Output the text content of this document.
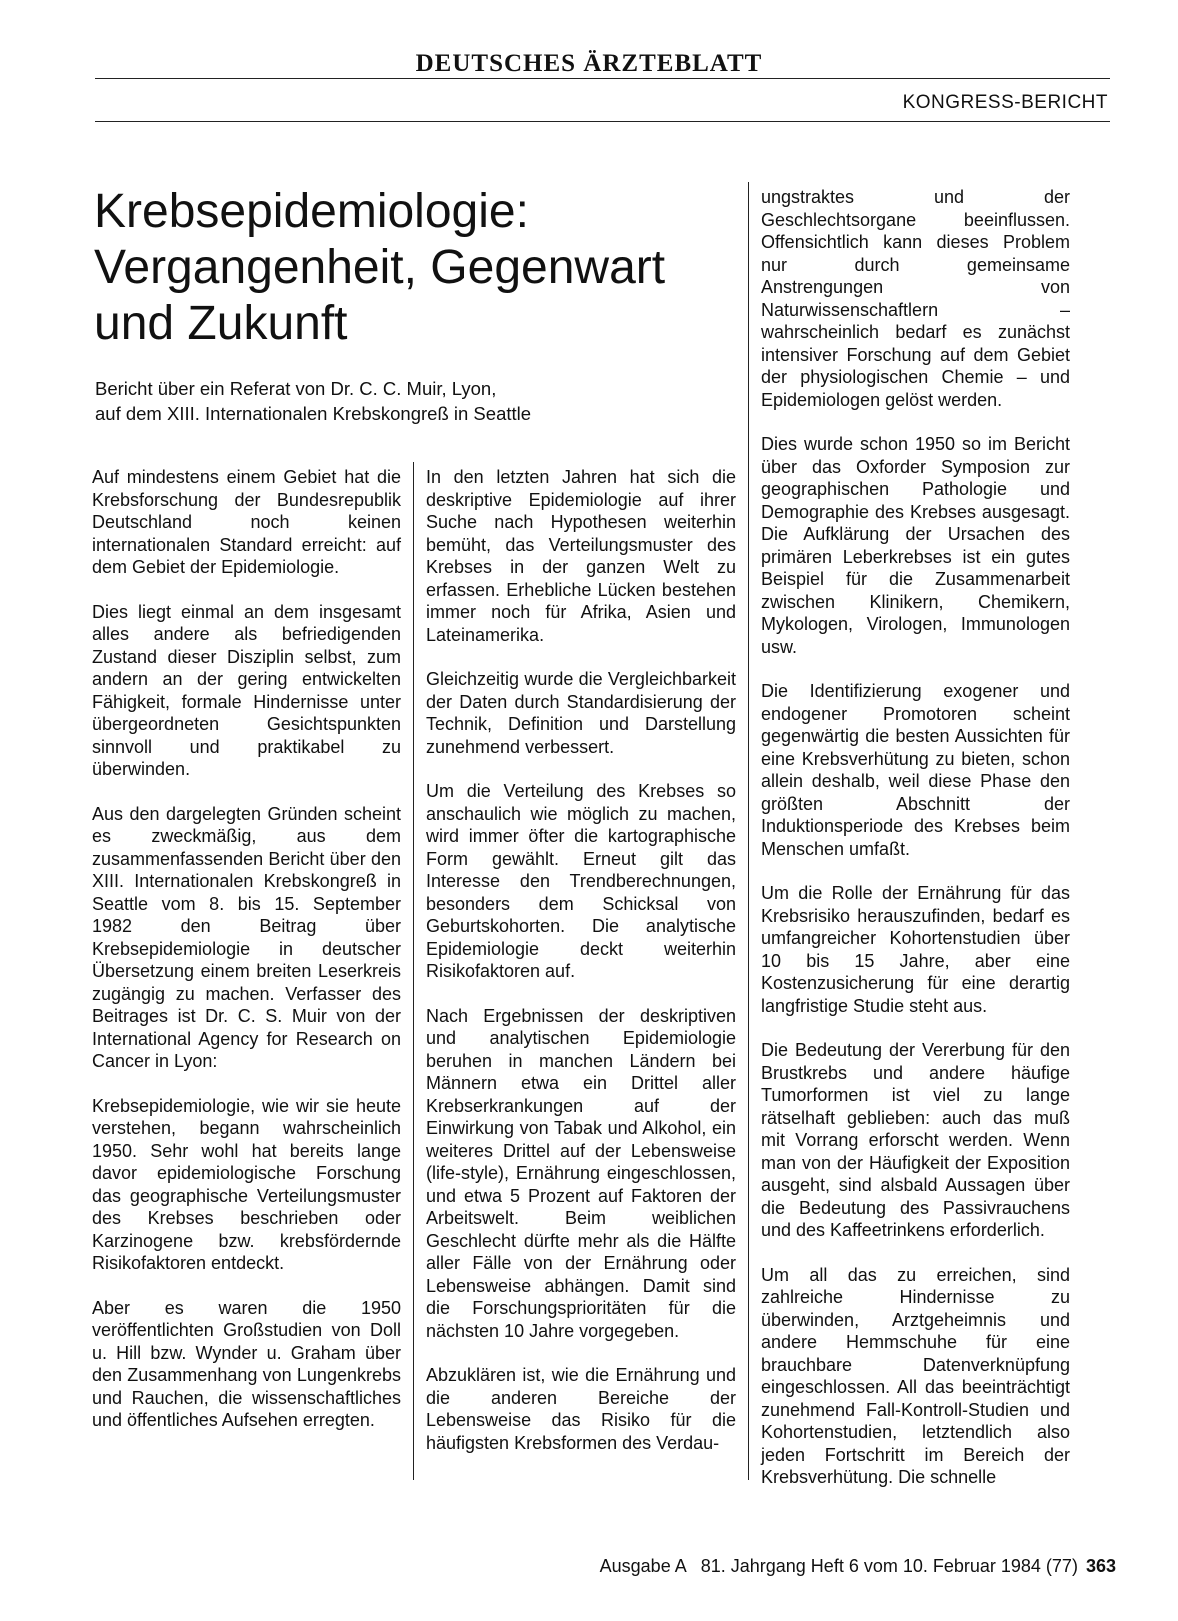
DEUTSCHES ÄRZTEBLATT
KONGRESS-BERICHT
Krebsepidemiologie: Vergangenheit, Gegenwart und Zukunft
Bericht über ein Referat von Dr. C. C. Muir, Lyon,
auf dem XIII. Internationalen Krebskongreß in Seattle

Auf mindestens einem Gebiet hat die Krebsforschung der Bundesrepublik Deutschland noch keinen internationalen Standard erreicht: auf dem Gebiet der Epidemiologie.

Dies liegt einmal an dem insgesamt alles andere als befriedigenden Zustand dieser Disziplin selbst, zum andern an der gering entwickelten Fähigkeit, formale Hindernisse unter übergeordneten Gesichtspunkten sinnvoll und praktikabel zu überwinden.

Aus den dargelegten Gründen scheint es zweckmäßig, aus dem zusammenfassenden Bericht über den XIII. Internationalen Krebskongreß in Seattle vom 8. bis 15. September 1982 den Beitrag über Krebsepidemiologie in deutscher Übersetzung einem breiten Leserkreis zugängig zu machen. Verfasser des Beitrages ist Dr. C. S. Muir von der International Agency for Research on Cancer in Lyon:

Krebsepidemiologie, wie wir sie heute verstehen, begann wahrscheinlich 1950. Sehr wohl hat bereits lange davor epidemiologische Forschung das geographische Verteilungsmuster des Krebses beschrieben oder Karzinogene bzw. krebsfördernde Risikofaktoren entdeckt.

Aber es waren die 1950 veröffentlichten Großstudien von Doll u. Hill bzw. Wynder u. Graham über den Zusammenhang von Lungenkrebs und Rauchen, die wissenschaftliches und öffentliches Aufsehen erregten.

In den letzten Jahren hat sich die deskriptive Epidemiologie auf ihrer Suche nach Hypothesen weiterhin bemüht, das Verteilungsmuster des Krebses in der ganzen Welt zu erfassen. Erhebliche Lücken bestehen immer noch für Afrika, Asien und Lateinamerika.

Gleichzeitig wurde die Vergleichbarkeit der Daten durch Standardisierung der Technik, Definition und Darstellung zunehmend verbessert.

Um die Verteilung des Krebses so anschaulich wie möglich zu machen, wird immer öfter die kartographische Form gewählt. Erneut gilt das Interesse den Trendberechnungen, besonders dem Schicksal von Geburtskohorten. Die analytische Epidemiologie deckt weiterhin Risikofaktoren auf.

Nach Ergebnissen der deskriptiven und analytischen Epidemiologie beruhen in manchen Ländern bei Männern etwa ein Drittel aller Krebserkrankungen auf der Einwirkung von Tabak und Alkohol, ein weiteres Drittel auf der Lebensweise (life-style), Ernährung eingeschlossen, und etwa 5 Prozent auf Faktoren der Arbeitswelt. Beim weiblichen Geschlecht dürfte mehr als die Hälfte aller Fälle von der Ernährung oder Lebensweise abhängen. Damit sind die Forschungsprioritäten für die nächsten 10 Jahre vorgegeben.

Abzuklären ist, wie die Ernährung und die anderen Bereiche der Lebensweise das Risiko für die häufigsten Krebsformen des Verdau-

ungstraktes und der Geschlechtsorgane beeinflussen. Offensichtlich kann dieses Problem nur durch gemeinsame Anstrengungen von Naturwissenschaftlern – wahrscheinlich bedarf es zunächst intensiver Forschung auf dem Gebiet der physiologischen Chemie – und Epidemiologen gelöst werden.

Dies wurde schon 1950 so im Bericht über das Oxforder Symposion zur geographischen Pathologie und Demographie des Krebses ausgesagt. Die Aufklärung der Ursachen des primären Leberkrebses ist ein gutes Beispiel für die Zusammenarbeit zwischen Klinikern, Chemikern, Mykologen, Virologen, Immunologen usw.

Die Identifizierung exogener und endogener Promotoren scheint gegenwärtig die besten Aussichten für eine Krebsverhütung zu bieten, schon allein deshalb, weil diese Phase den größten Abschnitt der Induktionsperiode des Krebses beim Menschen umfaßt.

Um die Rolle der Ernährung für das Krebsrisiko herauszufinden, bedarf es umfangreicher Kohortenstudien über 10 bis 15 Jahre, aber eine Kostenzusicherung für eine derartig langfristige Studie steht aus.

Die Bedeutung der Vererbung für den Brustkrebs und andere häufige Tumorformen ist viel zu lange rätselhaft geblieben: auch das muß mit Vorrang erforscht werden. Wenn man von der Häufigkeit der Exposition ausgeht, sind alsbald Aussagen über die Bedeutung des Passivrauchens und des Kaffeetrinkens erforderlich.

Um all das zu erreichen, sind zahlreiche Hindernisse zu überwinden, Arztgeheimnis und andere Hemmschuhe für eine brauchbare Datenverknüpfung eingeschlossen. All das beeinträchtigt zunehmend Fall-Kontroll-Studien und Kohortenstudien, letztendlich also jeden Fortschritt im Bereich der Krebsverhütung. Die schnelle

Ausgabe A   81. Jahrgang Heft 6 vom 10. Februar 1984 (77) 363
